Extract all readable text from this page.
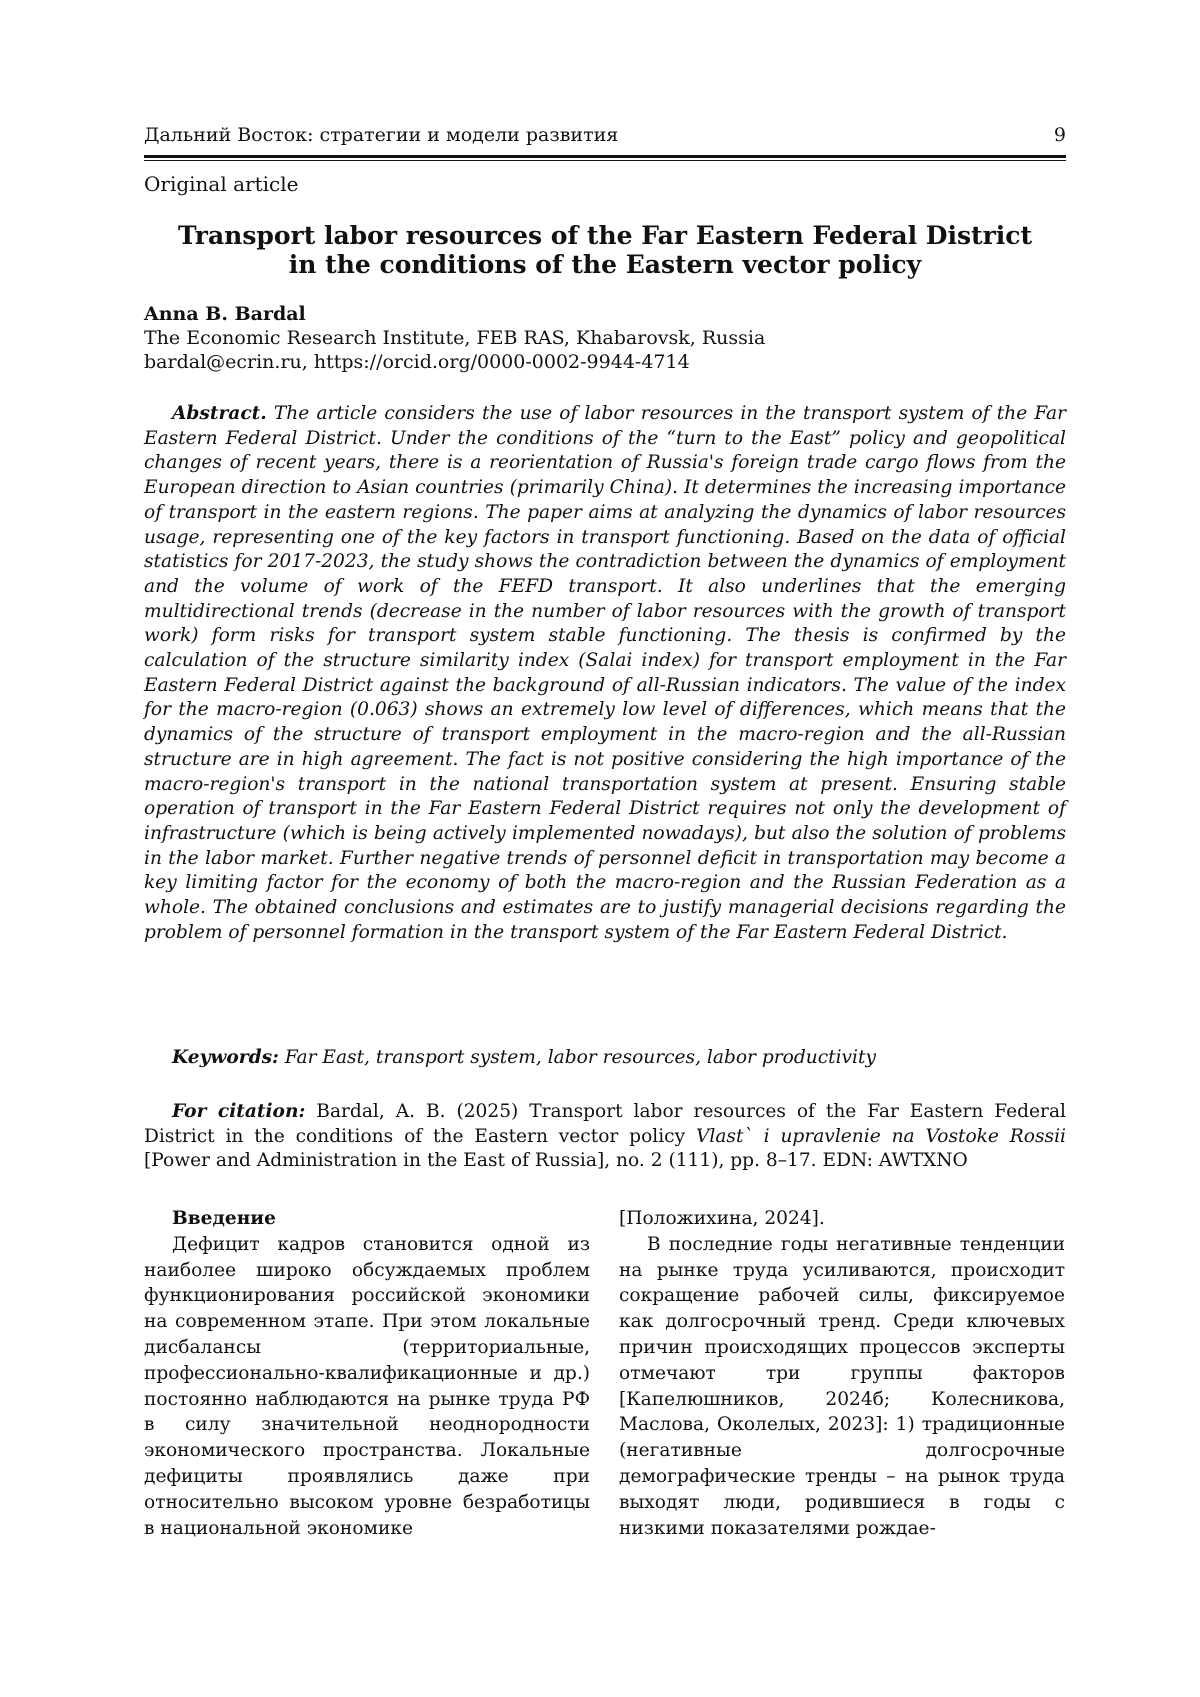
Дальний Восток: стратегии и модели развития	9
Original article
Transport labor resources of the Far Eastern Federal District
in the conditions of the Eastern vector policy
Anna B. Bardal
The Economic Research Institute, FEB RAS, Khabarovsk, Russia
bardal@ecrin.ru, https://orcid.org/0000-0002-9944-4714

Abstract. The article considers the use of labor resources in the transport system of the Far Eastern Federal District. Under the conditions of the “turn to the East” policy and geopolitical changes of recent years, there is a reorientation of Russia's foreign trade cargo flows from the European direction to Asian countries (primarily China). It determines the increasing importance of transport in the eastern regions. The paper aims at analyzing the dynamics of labor resources usage, representing one of the key factors in transport functioning. Based on the data of official statistics for 2017-2023, the study shows the contradiction between the dynamics of employment and the volume of work of the FEFD transport. It also underlines that the emerging multidirectional trends (decrease in the number of labor resources with the growth of transport work) form risks for transport system stable functioning. The thesis is confirmed by the calculation of the structure similarity index (Salai index) for transport employment in the Far Eastern Federal District against the background of all-Russian indicators. The value of the index for the macro-region (0.063) shows an extremely low level of differences, which means that the dynamics of the structure of transport employment in the macro-region and the all-Russian structure are in high agreement. The fact is not positive considering the high importance of the macro-region's transport in the national transportation system at present. Ensuring stable operation of transport in the Far Eastern Federal District requires not only the development of infrastructure (which is being actively implemented nowadays), but also the solution of problems in the labor market. Further negative trends of personnel deficit in transportation may become a key limiting factor for the economy of both the macro-region and the Russian Federation as a whole. The obtained conclusions and estimates are to justify managerial decisions regarding the problem of personnel formation in the transport system of the Far Eastern Federal District.

Keywords: Far East, transport system, labor resources, labor productivity

For citation: Bardal, A. B. (2025) Transport labor resources of the Far Eastern Federal District in the conditions of the Eastern vector policy Vlast` i upravlenie na Vostoke Rossii [Power and Administration in the East of Russia], no. 2 (111), pp. 8–17. EDN: AWTXNO

Введение

Дефицит кадров становится одной из наиболее широко обсуждаемых проблем функционирования российской экономики на современном этапе. При этом локальные дисбалансы (территориальные, профессионально-квалификационные и др.) постоянно наблюдаются на рынке труда РФ в силу значительной неоднородности экономического пространства. Локальные дефициты проявлялись даже при относительно высоком уровне безработицы в национальной экономике

[Положихина, 2024].

В последние годы негативные тенденции на рынке труда усиливаются, происходит сокращение рабочей силы, фиксируемое как долгосрочный тренд. Среди ключевых причин происходящих процессов эксперты отмечают три группы факторов [Капелюшников, 2024б; Колесникова, Маслова, Околелых, 2023]: 1) традиционные (негативные долгосрочные демографические тренды – на рынок труда выходят люди, родившиеся в годы с низкими показателями рождае-
